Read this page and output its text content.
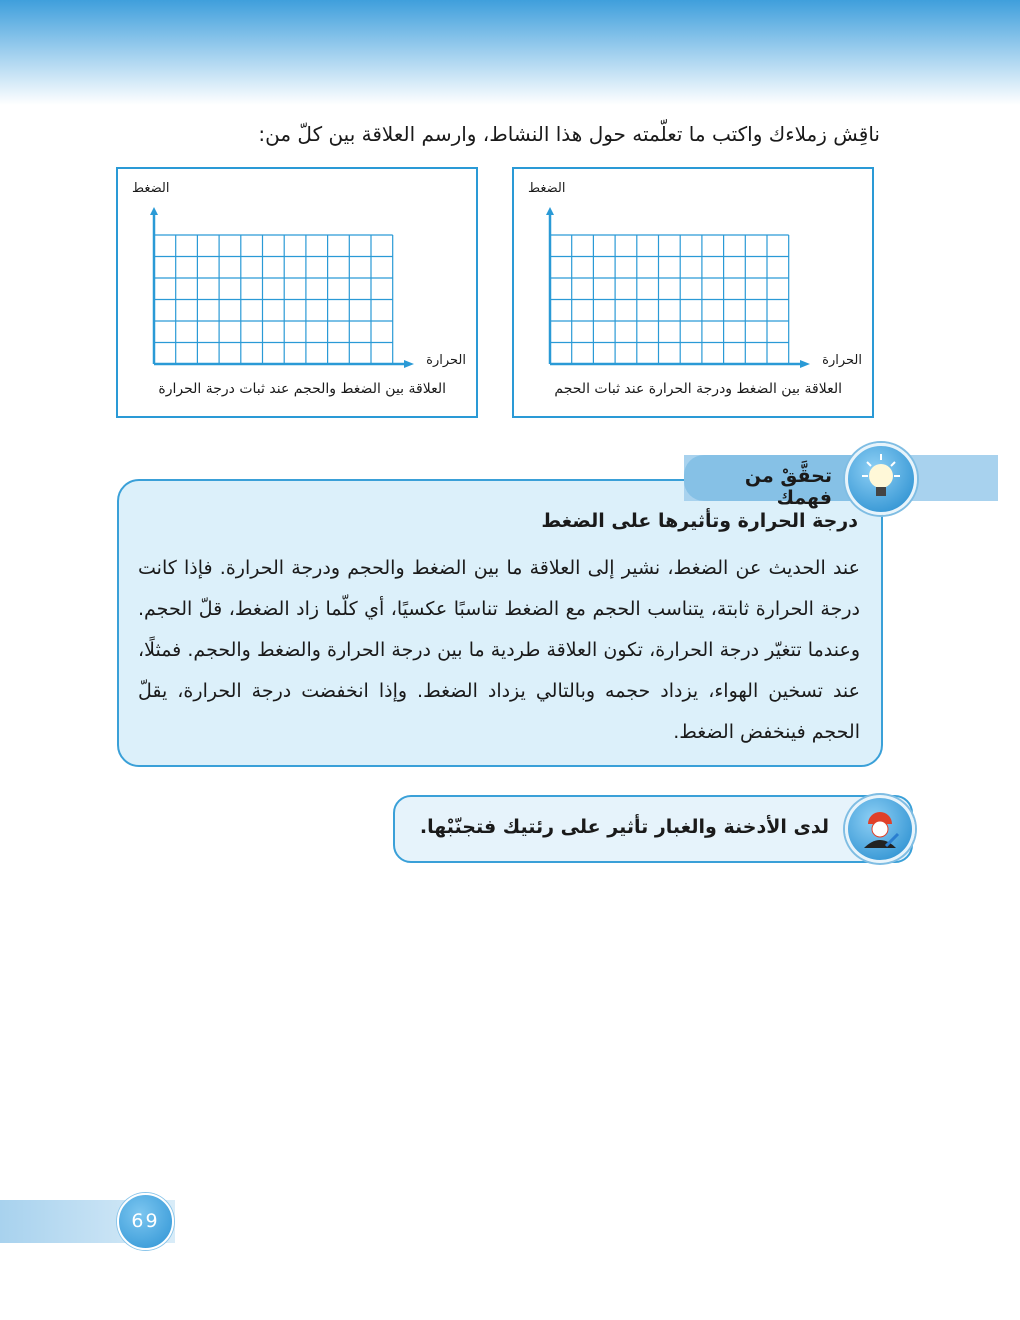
ناقِش زملاءك واكتب ما تعلّمته حول هذا النشاط، وارسم العلاقة بين كلّ من:
الضغط
الحرارة
العلاقة بين الضغط ودرجة الحرارة عند ثبات الحجم
الضغط
الحرارة
العلاقة بين الضغط والحجم عند ثبات درجة الحرارة
تحقَّقْ من فهمك
درجة الحرارة وتأثيرها على الضغط
عند الحديث عن الضغط، نشير إلى العلاقة ما بين الضغط والحجم ودرجة الحرارة. فإذا كانت درجة الحرارة ثابتة، يتناسب الحجم مع الضغط تناسبًا عكسيًا، أي كلّما زاد الضغط، قلّ الحجم. وعندما تتغيّر درجة الحرارة، تكون العلاقة طردية ما بين درجة الحرارة والضغط والحجم. فمثلًا، عند تسخين الهواء، يزداد حجمه وبالتالي يزداد الضغط. وإذا انخفضت درجة الحرارة، يقلّ الحجم فينخفض الضغط.
لدى الأدخنة والغبار تأثير على رئتيك فتجنّبْها.
69
